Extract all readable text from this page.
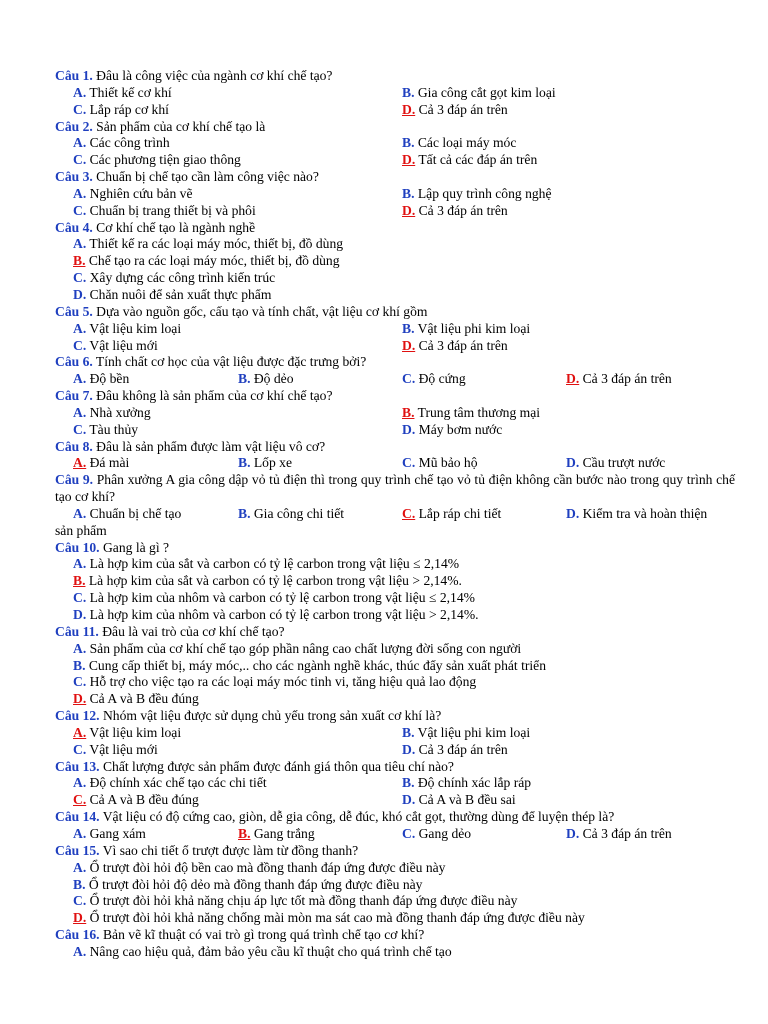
Câu 1. Đâu là công việc của ngành cơ khí chế tạo?
A. Thiết kế cơ khí	B. Gia công cắt gọt kim loại
C. Lắp ráp cơ khí	D. Cả 3 đáp án trên
Câu 2. Sản phẩm của cơ khí chế tạo là
A. Các công trình	B. Các loại máy móc
C. Các phương tiện giao thông	D. Tất cả các đáp án trên
Câu 3. Chuẩn bị chế tạo cần làm công việc nào?
A. Nghiên cứu bản vẽ	B. Lập quy trình công nghệ
C. Chuẩn bị trang thiết bị và phôi	D. Cả 3 đáp án trên
Câu 4. Cơ khí chế tạo là ngành nghề
A. Thiết kế ra các loại máy móc, thiết bị, đồ dùng
B. Chế tạo ra các loại máy móc, thiết bị, đồ dùng
C. Xây dựng các công trình kiến trúc
D. Chăn nuôi để sản xuất thực phẩm
Câu 5. Dựa vào nguồn gốc, cấu tạo và tính chất, vật liệu cơ khí gồm
A. Vật liệu kim loại	B. Vật liệu phi kim loại
C. Vật liệu mới	D. Cả 3 đáp án trên
Câu 6. Tính chất cơ học của vật liệu được đặc trưng bởi?
A. Độ bền	B. Độ dẻo	C. Độ cứng	D. Cả 3 đáp án trên
Câu 7. Đâu không là sản phẩm của cơ khí chế tạo?
A. Nhà xưởng	B. Trung tâm thương mại
C. Tàu thủy	D. Máy bơm nước
Câu 8. Đâu là sản phẩm được làm vật liệu vô cơ?
A. Đá mài	B. Lốp xe	C. Mũ bảo hộ	D. Cầu trượt nước
Câu 9. Phân xưởng A gia công dập vỏ tủ điện thì trong quy trình chế tạo vỏ tủ điện không cần bước nào trong quy trình chế tạo cơ khí?
A. Chuẩn bị chế tạo	B. Gia công chi tiết	C. Lắp ráp chi tiết	D. Kiểm tra và hoàn thiện
sản phẩm
Câu 10. Gang là gì ?
A. Là hợp kim của sắt và carbon có tỷ lệ carbon trong vật liệu ≤ 2,14%
B. Là hợp kim của sắt và carbon có tỷ lệ carbon trong vật liệu > 2,14%.
C. Là hợp kim của nhôm và carbon có tỷ lệ carbon trong vật liệu ≤ 2,14%
D. Là hợp kim của nhôm và carbon có tỷ lệ carbon trong vật liệu > 2,14%.
Câu 11. Đâu là vai trò của cơ khí chế tạo?
A. Sản phẩm của cơ khí chế tạo góp phần nâng cao chất lượng đời sống con người
B. Cung cấp thiết bị, máy móc,.. cho các ngành nghề khác, thúc đẩy sản xuất phát triển
C. Hỗ trợ cho việc tạo ra các loại máy móc tinh vi, tăng hiệu quả lao động
D. Cả A và B đều đúng
Câu 12. Nhóm vật liệu được sử dụng chủ yếu trong sản xuất cơ khí là?
A. Vật liệu kim loại	B. Vật liệu phi kim loại
C. Vật liệu mới	D. Cả 3 đáp án trên
Câu 13. Chất lượng được sản phẩm được đánh giá thôn qua tiêu chí nào?
A. Độ chính xác chế tạo các chi tiết	B. Độ chính xác lắp ráp
C. Cả A và B đều đúng	D. Cả A và B đều sai
Câu 14. Vật liệu có độ cứng cao, giòn, dễ gia công, dễ đúc, khó cắt gọt, thường dùng để luyện thép là?
A. Gang xám	B. Gang trắng	C. Gang dẻo	D. Cả 3 đáp án trên
Câu 15. Vì sao chi tiết ổ trượt được làm từ đồng thanh?
A. Ổ trượt đòi hỏi độ bền cao mà đồng thanh đáp ứng được điều này
B. Ổ trượt đòi hỏi độ dẻo mà đồng thanh đáp ứng được điều này
C. Ổ trượt đòi hỏi khả năng chịu áp lực tốt mà đồng thanh đáp ứng được điều này
D. Ổ trượt đòi hỏi khả năng chống mài mòn ma sát cao mà đồng thanh đáp ứng được điều này
Câu 16. Bản vẽ kĩ thuật có vai trò gì trong quá trình chế tạo cơ khí?
A. Nâng cao hiệu quả, đảm bảo yêu cầu kĩ thuật cho quá trình chế tạo
